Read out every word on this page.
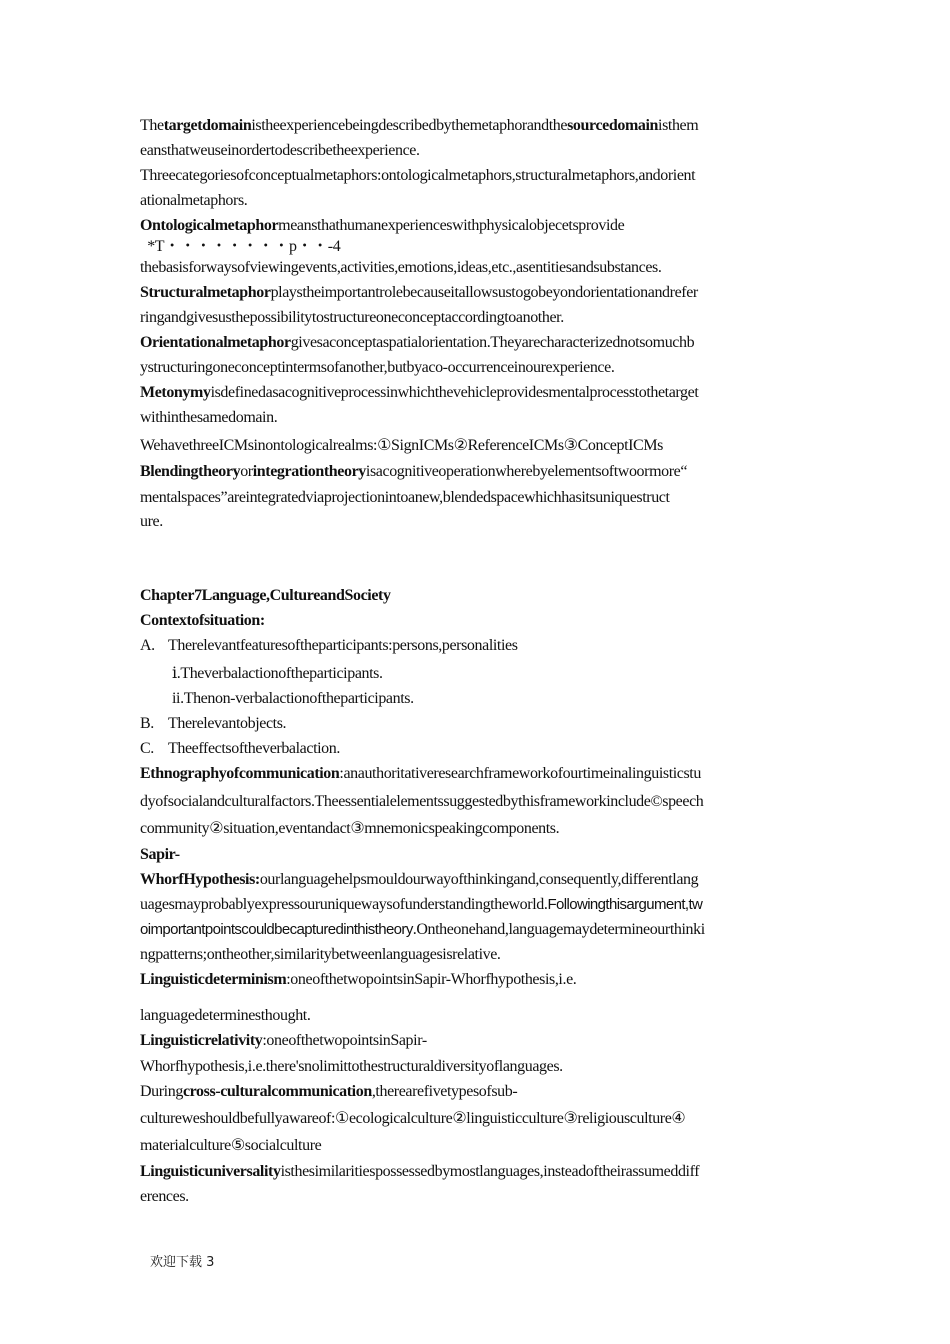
Thetargetdomainistheexperiencebeingdescribedbythemetaphorandthesourcedomainisthem
eansthatweuseinordertodescribetheexperience.
Threecategoriesofconceptualmetaphors:ontologicalmetaphors,structuralmetaphors,andorient
ationalmetaphors.
Ontologicalmetaphormeansthathumanexperienceswithphysicalobjecetsprovide
*T・・・・・・・・p・・-4
thebasisforwaysofviewingevents,activities,emotions,ideas,etc.,asentitiesandsubstances.
Structuralmetaphorplaystheimportantrolebecauseitallowsustogobeyondorientationandrefer
ringandgivesusthepossibilitytostructureoneconceptaccordingtoanother.
Orientationalmetaphorgivesaconceptaspatialorientation.Theyarecharacterizednotsomuchb
ystructuringoneconceptintermsofanother,butbyaco-occurrenceinourexperience.
Metonymyisdefinedasacognitiveprocessinwhichthevehicleprovidesmentalprocesstothetarget
withinthesamedomain.
WehavethreeICMsinontologicalrealms:①SignICMs②ReferenceICMs③ConceptICMs
Blendingtheoryorintegrationtheoryisacognitiveoperationwherebyelementsoftwoormore“
mentalspaces”areintegratedviaprojectionintoanew,blendedspacewhichhasitsuniquestruct
ure.
Chapter7Language,CultureandSociety
Contextofsituation:
A. Therelevantfeaturesoftheparticipants:persons,personalities
ⅰ.Theverbalactionoftheparticipants.
ii.Thenon-verbalactionoftheparticipants.
B. Therelevantobjects.
C. Theeffectsoftheverbalaction.
Ethnographyofcommunication:anauthoritativeresearchframeworkofourtimeinalinguisticstu
dyofsocialandculturalfactors.Theessentialelementssuggestedbythisframeworkinclude©speech
community②situation,eventandact③mnemonicspeakingcomponents.
Sapir-
WhorfHypothesis:ourlanguagehelpsmouldourwayofthinkingand,consequently,differentlang
uagesmayprobablyexpressouruniquewaysofunderstandingtheworld.Followingthisargument,tw
oimportantpointscouldbecapturedinthistheory.Ontheonehand,languagemaydetermineourthinki
ngpatterns;ontheother,similaritybetweenlanguagesisrelative.
Linguisticdeterminism:oneofthetwopointsinSapir-Whorfhypothesis,i.e.
languagedeterminesthought.
Linguisticrelativity:oneofthetwopointsinSapir-
Whorfhypothesis,i.e.there'snolimittothestructuraldiversityoflanguages.
Duringcross-culturalcommunication,therearefivetypesofsub-
cultureweshouldbefullyawareof:①ecologicalculture②linguisticculture③religiousculture④
materialculture⑤socialculture
Linguisticuniversalityisthesimilaritiespossessedbymostlanguages,insteadoftheirassumeddiff
erences.
欢迎下载 3
